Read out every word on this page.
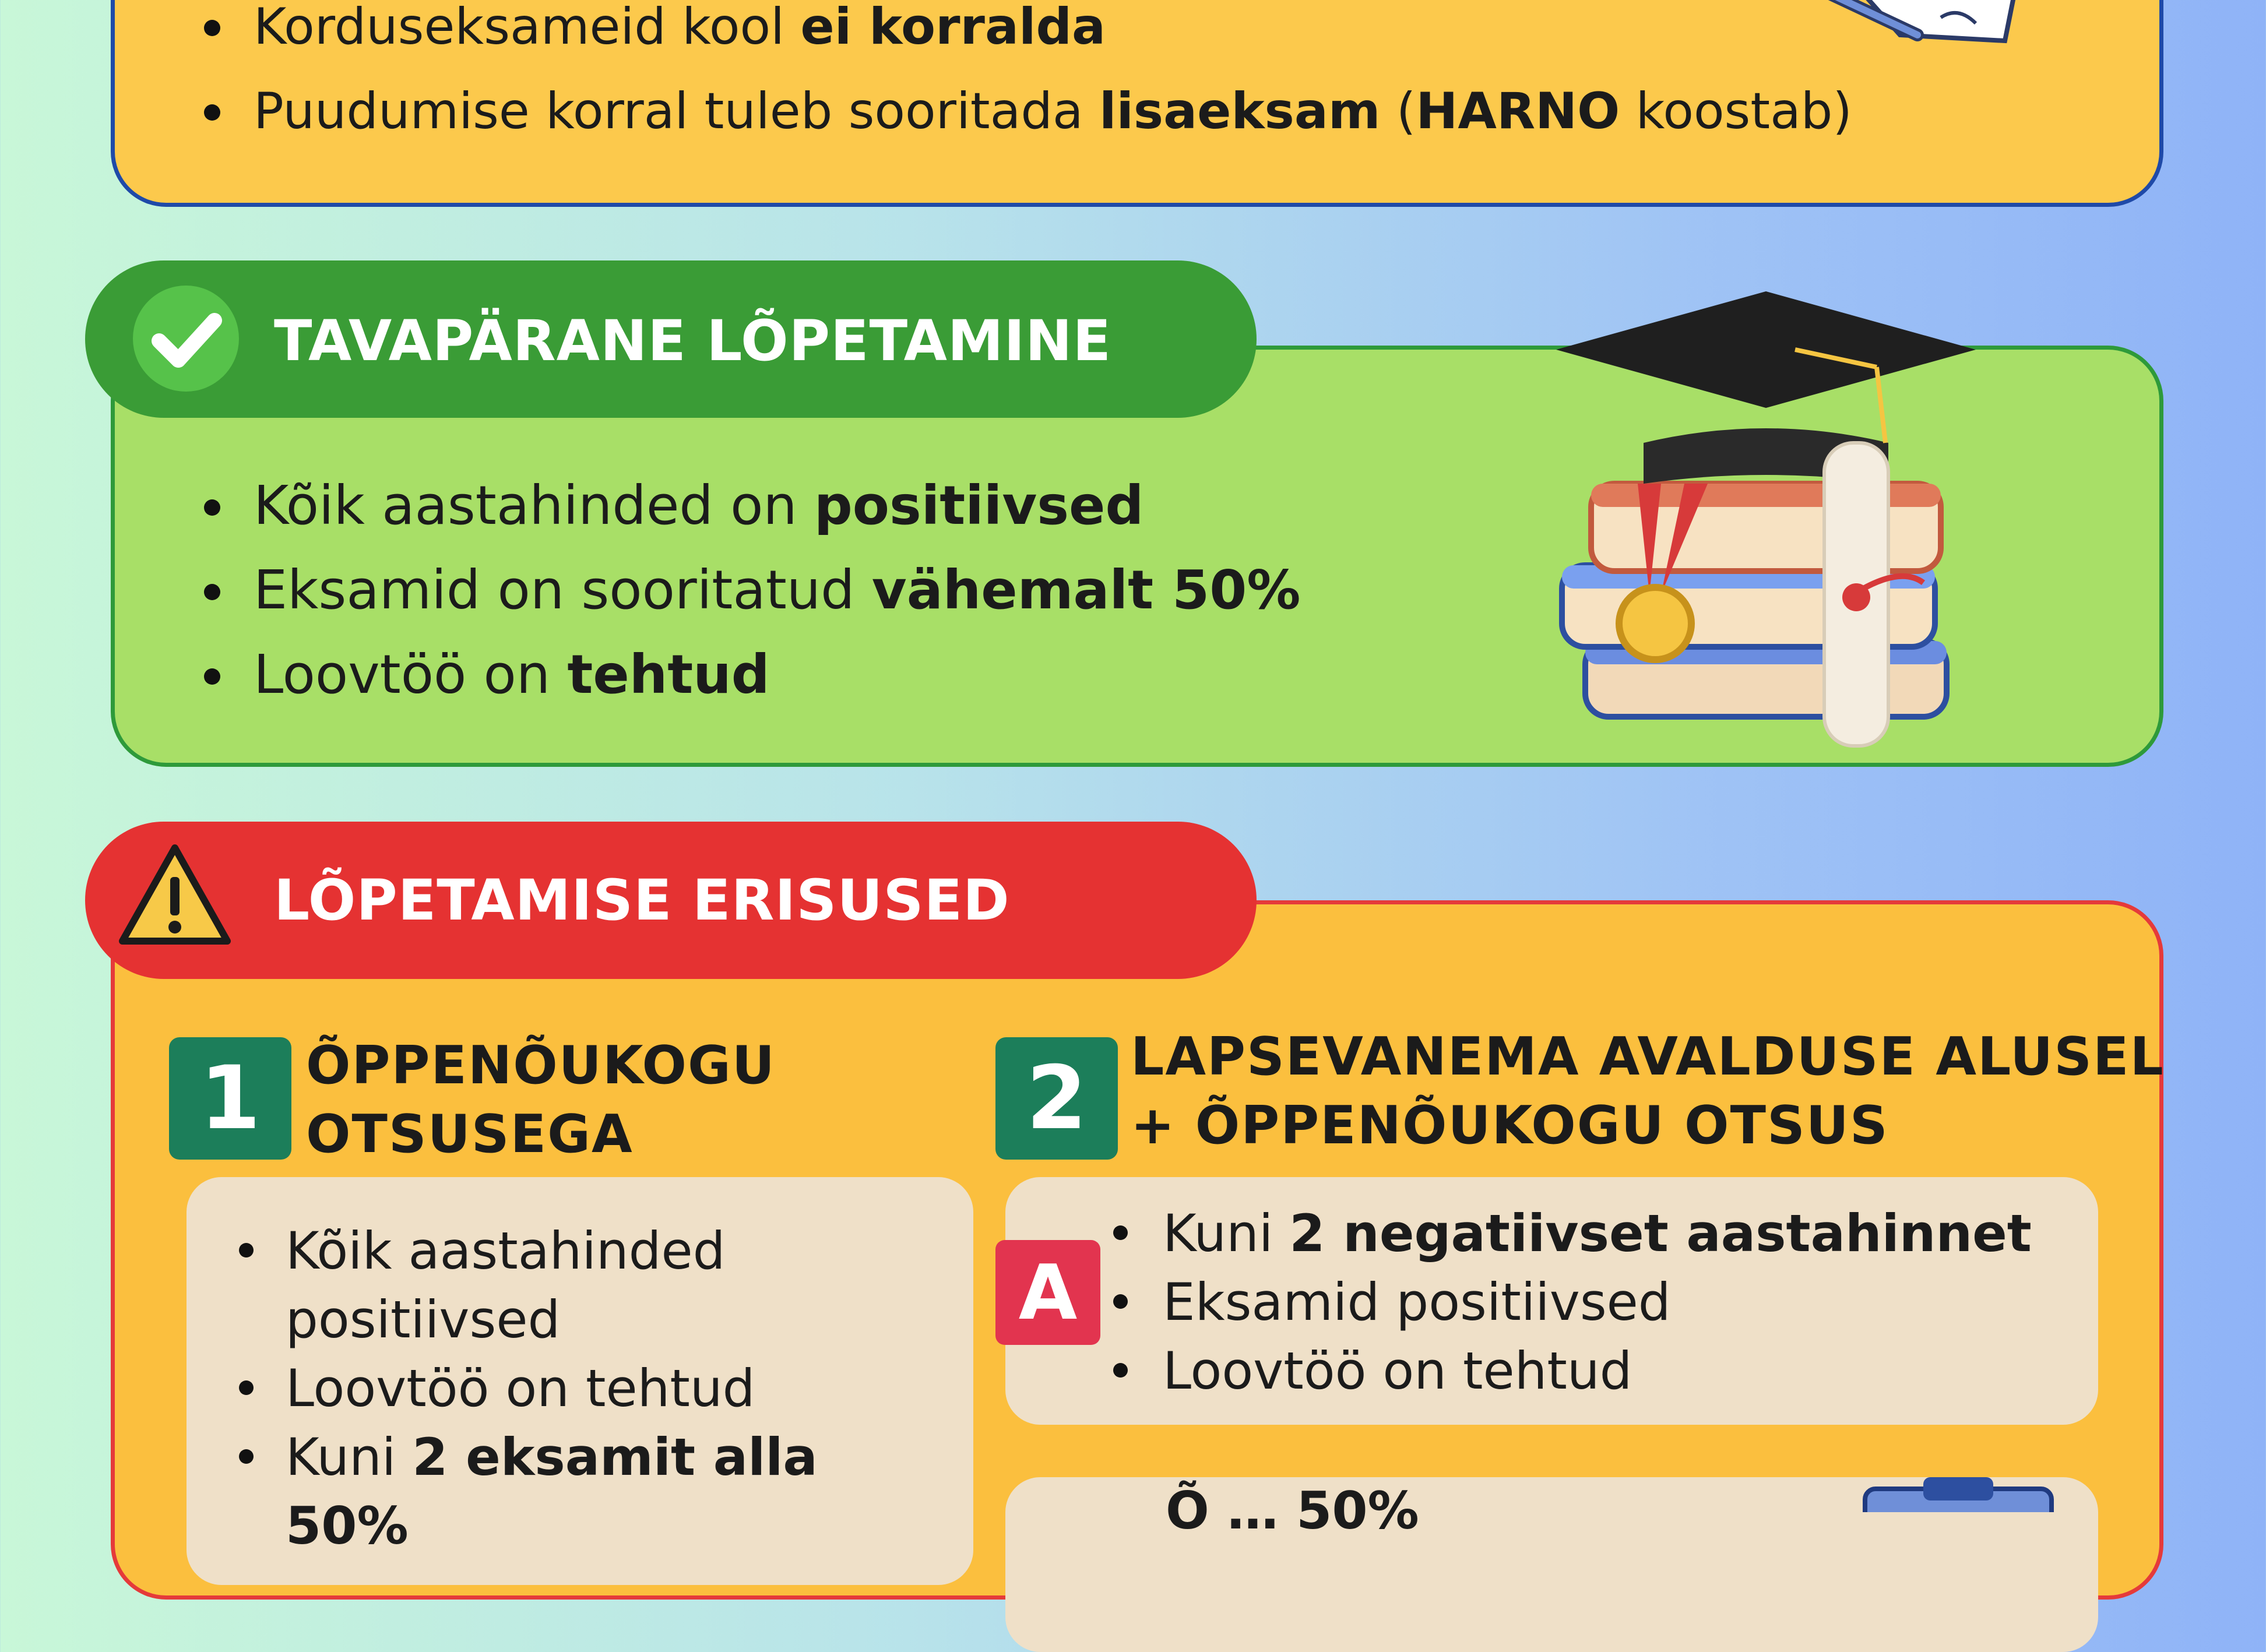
Korduseksameid kool ei korralda
Puudumise korral tuleb sooritada lisaeksam (HARNO koostab)
TAVAPÄRANE LÕPETAMINE
Kõik aastahinded on positiivsed
Eksamid on sooritatud vähemalt 50%
Loovtöö on tehtud
LÕPETAMISE ERISUSED
1 ÕPPENÕUKOGU
OTSUSEGA	2 LAPSEVANEMA AVALDUSE ALUSEL
+ ÕPPENÕUKOGU OTSUS
Kõik aastahinded positiivsed
Loovtöö on tehtud
Kuni 2 eksamit alla 50%
A
Kuni 2 negatiivset aastahinnet
Eksamid positiivsed
Loovtöö on tehtud
Õ … 50%
